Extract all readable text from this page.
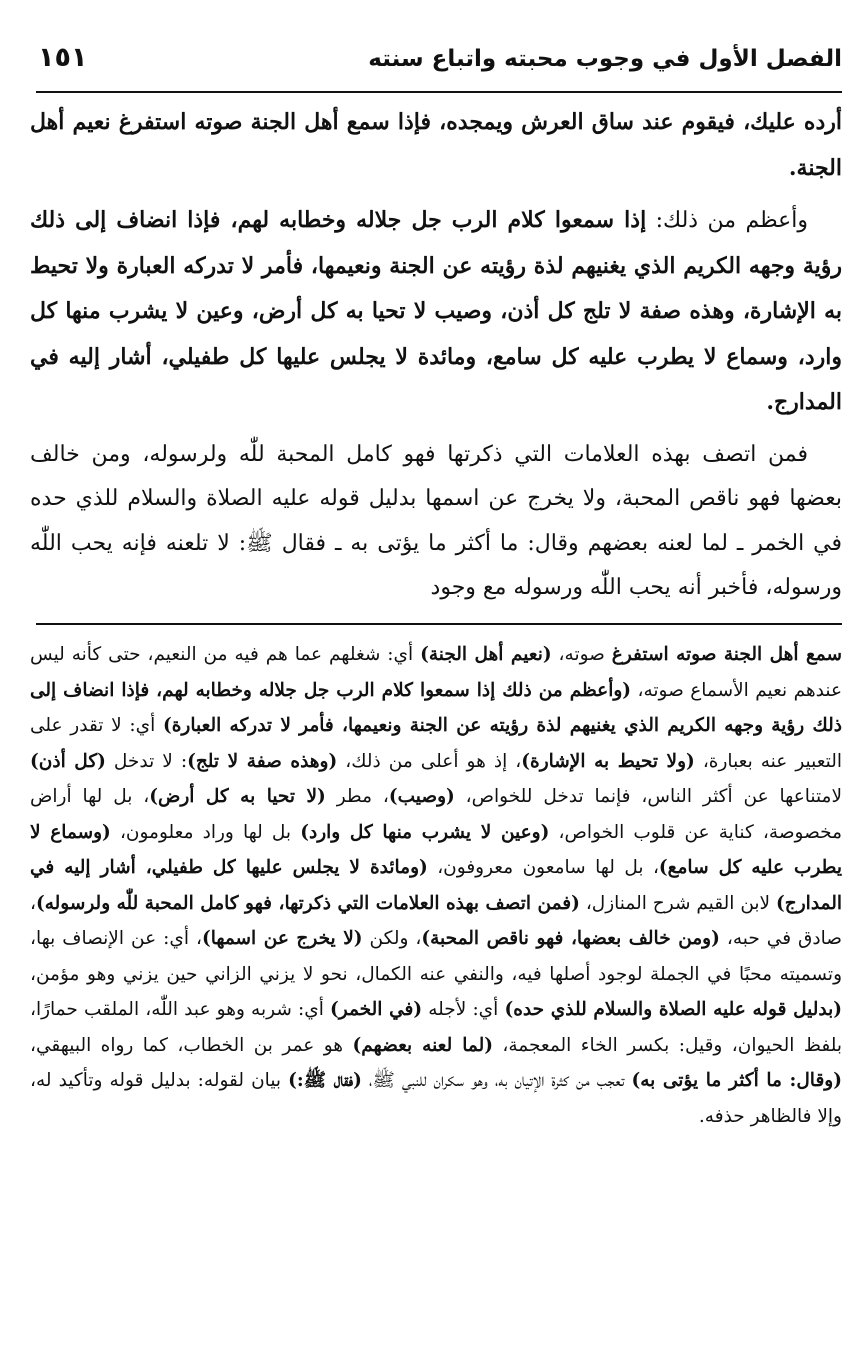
الفصل الأول في وجوب محبته واتباع سنته
١٥١

أرده عليك، فيقوم عند ساق العرش ويمجده، فإذا سمع أهل الجنة صوته استفرغ نعيم أهل الجنة.

وأعظم من ذلك: إذا سمعوا كلام الرب جل جلاله وخطابه لهم، فإذا انضاف إلى ذلك رؤية وجهه الكريم الذي يغنيهم لذة رؤيته عن الجنة ونعيمها، فأمر لا تدركه العبارة ولا تحيط به الإشارة، وهذه صفة لا تلج كل أذن، وصيب لا تحيا به كل أرض، وعين لا يشرب منها كل وارد، وسماع لا يطرب عليه كل سامع، ومائدة لا يجلس عليها كل طفيلي، أشار إليه في المدارج.

فمن اتصف بهذه العلامات التي ذكرتها فهو كامل المحبة للّٰه ولرسوله، ومن خالف بعضها فهو ناقص المحبة، ولا يخرج عن اسمها بدليل قوله عليه الصلاة والسلام للذي حده في الخمر ـ لما لعنه بعضهم وقال: ما أكثر ما يؤتى به ـ فقال ﷺ: لا تلعنه فإنه يحب اللّٰه ورسوله، فأخبر أنه يحب اللّٰه ورسوله مع وجود

سمع أهل الجنة صوته استفرغ صوته، (نعيم أهل الجنة) أي: شغلهم عما هم فيه من النعيم، حتى كأنه ليس عندهم نعيم الأسماع صوته، (وأعظم من ذلك إذا سمعوا كلام الرب جل جلاله وخطابه لهم، فإذا انضاف إلى ذلك رؤية وجهه الكريم الذي يغنيهم لذة رؤيته عن الجنة ونعيمها، فأمر لا تدركه العبارة) أي: لا تقدر على التعبير عنه بعبارة، (ولا تحيط به الإشارة)، إذ هو أعلى من ذلك، (وهذه صفة لا تلج): لا تدخل (كل أذن) لامتناعها عن أكثر الناس، فإنما تدخل للخواص، (وصيب)، مطر (لا تحيا به كل أرض)، بل لها أراض مخصوصة، كناية عن قلوب الخواص، (وعين لا يشرب منها كل وارد) بل لها وراد معلومون، (وسماع لا يطرب عليه كل سامع)، بل لها سامعون معروفون، (ومائدة لا يجلس عليها كل طفيلي، أشار إليه في المدارج) لابن القيم شرح المنازل، (فمن اتصف بهذه العلامات التي ذكرتها، فهو كامل المحبة للّٰه ولرسوله)، صادق في حبه، (ومن خالف بعضها، فهو ناقص المحبة)، ولكن (لا يخرج عن اسمها)، أي: عن الإنصاف بها، وتسميته محبًا في الجملة لوجود أصلها فيه، والنفي عنه الكمال، نحو لا يزني الزاني حين يزني وهو مؤمن، (بدليل قوله عليه الصلاة والسلام للذي حده) أي: لأجله (في الخمر) أي: شربه وهو عبد اللّٰه، الملقب حمارًا، بلفظ الحيوان، وقيل: بكسر الخاء المعجمة، (لما لعنه بعضهم) هو عمر بن الخطاب، كما رواه البيهقي، (وقال: ما أكثر ما يؤتى به) تعجب من كثرة الإتيان به، وهو سكران للنبي ﷺ، (فقال ﷺ:) بيان لقوله: بدليل قوله وتأكيد له، وإلا فالظاهر حذفه.
